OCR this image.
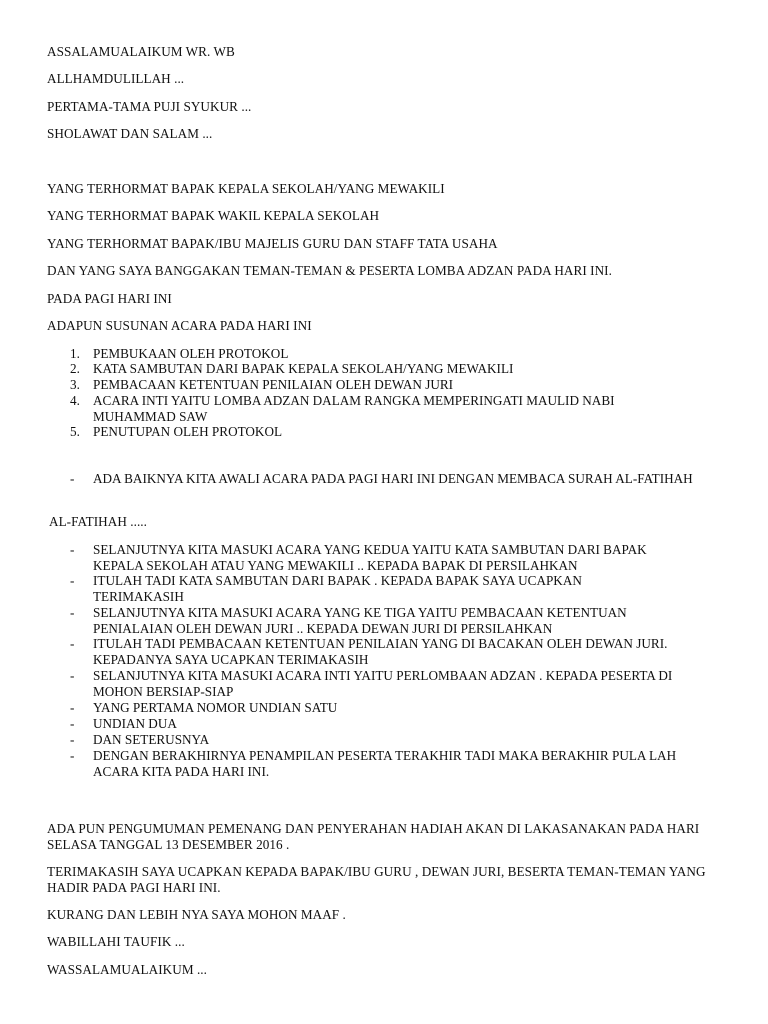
ASSALAMUALAIKUM WR. WB
ALLHAMDULILLAH ...
PERTAMA-TAMA PUJI SYUKUR ...
SHOLAWAT DAN SALAM ...
YANG TERHORMAT BAPAK KEPALA SEKOLAH/YANG MEWAKILI
YANG TERHORMAT BAPAK WAKIL KEPALA SEKOLAH
YANG TERHORMAT BAPAK/IBU MAJELIS GURU DAN STAFF TATA USAHA
DAN YANG SAYA BANGGAKAN TEMAN-TEMAN & PESERTA LOMBA ADZAN PADA HARI INI.
PADA PAGI HARI INI
ADAPUN SUSUNAN ACARA PADA HARI INI
1. PEMBUKAAN OLEH PROTOKOL
2. KATA SAMBUTAN DARI BAPAK KEPALA SEKOLAH/YANG MEWAKILI
3. PEMBACAAN KETENTUAN PENILAIAN OLEH DEWAN JURI
4. ACARA INTI YAITU LOMBA ADZAN DALAM RANGKA MEMPERINGATI MAULID NABI MUHAMMAD SAW
5. PENUTUPAN OLEH PROTOKOL
-	ADA BAIKNYA KITA AWALI ACARA PADA PAGI HARI INI DENGAN MEMBACA SURAH AL-FATIHAH
AL-FATIHAH .....
-	SELANJUTNYA KITA MASUKI ACARA YANG KEDUA YAITU KATA SAMBUTAN DARI BAPAK KEPALA SEKOLAH ATAU YANG MEWAKILI .. KEPADA BAPAK DI PERSILAHKAN
-	ITULAH TADI KATA SAMBUTAN DARI BAPAK . KEPADA BAPAK SAYA UCAPKAN TERIMAKASIH
-	SELANJUTNYA KITA MASUKI ACARA YANG KE TIGA YAITU PEMBACAAN KETENTUAN PENIALAIAN OLEH DEWAN JURI .. KEPADA DEWAN JURI DI PERSILAHKAN
-	ITULAH TADI PEMBACAAN KETENTUAN PENILAIAN YANG DI BACAKAN OLEH DEWAN JURI. KEPADANYA SAYA UCAPKAN TERIMAKASIH
-	SELANJUTNYA KITA MASUKI ACARA INTI YAITU PERLOMBAAN ADZAN . KEPADA PESERTA DI MOHON BERSIAP-SIAP
-	YANG PERTAMA NOMOR UNDIAN SATU
-	UNDIAN DUA
-	DAN SETERUSNYA
-	DENGAN BERAKHIRNYA PENAMPILAN PESERTA TERAKHIR TADI MAKA BERAKHIR PULA LAH ACARA KITA PADA HARI INI.
ADA PUN PENGUMUMAN PEMENANG DAN PENYERAHAN HADIAH AKAN DI LAKASANAKAN PADA HARI SELASA TANGGAL 13 DESEMBER 2016 .
TERIMAKASIH SAYA UCAPKAN KEPADA BAPAK/IBU GURU , DEWAN JURI, BESERTA TEMAN-TEMAN YANG HADIR PADA PAGI HARI INI.
KURANG DAN LEBIH NYA SAYA MOHON MAAF .
WABILLAHI TAUFIK ...
WASSALAMUALAIKUM ...
